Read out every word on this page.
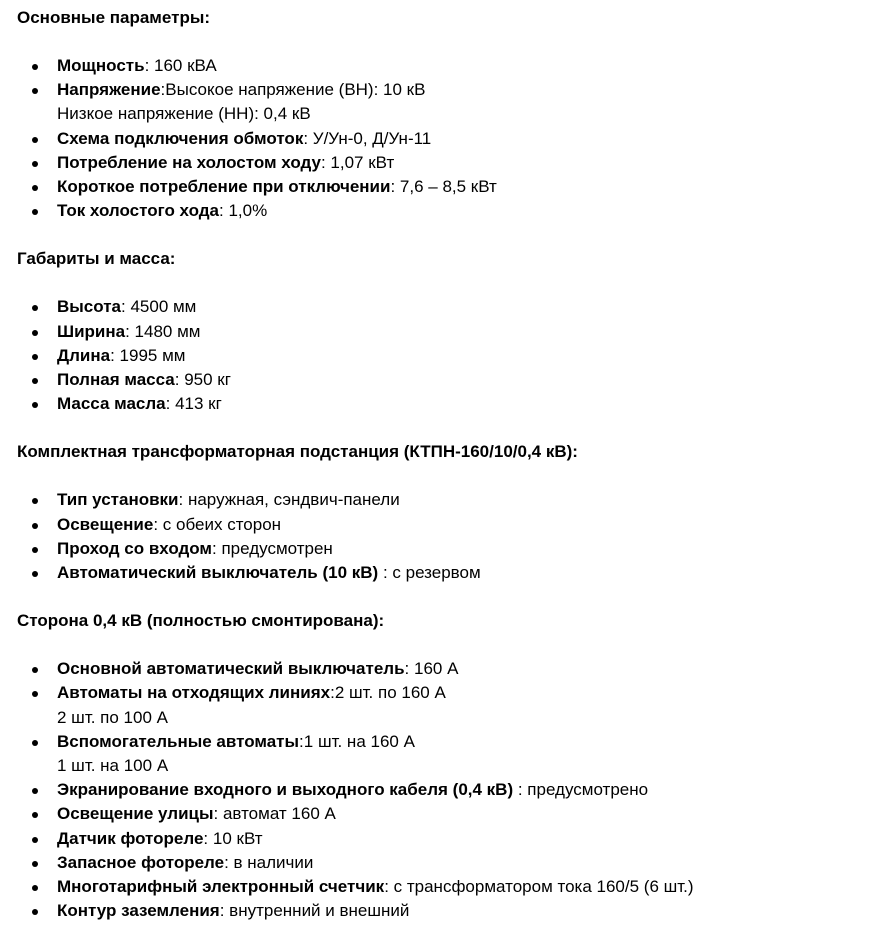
Основные параметры:
Мощность: 160 кВА
Напряжение:Высокое напряжение (ВН): 10 кВ
Низкое напряжение (НН): 0,4 кВ
Схема подключения обмоток: У/Ун-0, Д/Ун-11
Потребление на холостом ходу: 1,07 кВт
Короткое потребление при отключении: 7,6 – 8,5 кВт
Ток холостого хода: 1,0%
Габариты и масса:
Высота: 4500 мм
Ширина: 1480 мм
Длина: 1995 мм
Полная масса: 950 кг
Масса масла: 413 кг
Комплектная трансформаторная подстанция (КТПН-160/10/0,4 кВ):
Тип установки: наружная, сэндвич-панели
Освещение: с обеих сторон
Проход со входом: предусмотрен
Автоматический выключатель (10 кВ) : с резервом
Сторона 0,4 кВ (полностью смонтирована):
Основной автоматический выключатель: 160 А
Автоматы на отходящих линиях:2 шт. по 160 А
2 шт. по 100 А
Вспомогательные автоматы:1 шт. на 160 А
1 шт. на 100 А
Экранирование входного и выходного кабеля (0,4 кВ) : предусмотрено
Освещение улицы: автомат 160 А
Датчик фотореле: 10 кВт
Запасное фотореле: в наличии
Многотарифный электронный счетчик: с трансформатором тока 160/5 (6 шт.)
Контур заземления: внутренний и внешний
